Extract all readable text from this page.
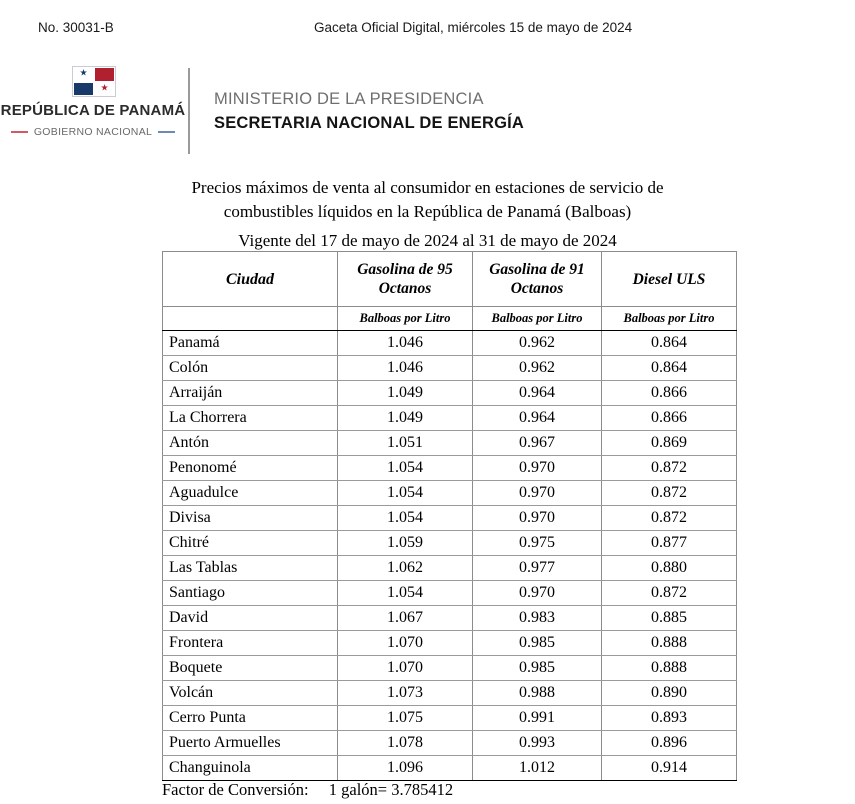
No. 30031-B	Gaceta Oficial Digital, miércoles 15 de mayo de 2024
★
★
REPÚBLICA DE PANAMÁ
GOBIERNO NACIONAL
MINISTERIO DE LA PRESIDENCIA
SECRETARIA NACIONAL DE ENERGÍA
Precios máximos de venta al consumidor en estaciones de servicio de
combustibles líquidos en la República de Panamá (Balboas)
Vigente del 17 de mayo de 2024 al 31 de mayo de 2024
Ciudad	Gasolina de 95 Octanos	Gasolina de 91 Octanos	Diesel ULS
	Balboas por Litro	Balboas por Litro	Balboas por Litro
Panamá	1.046	0.962	0.864
Colón	1.046	0.962	0.864
Arraiján	1.049	0.964	0.866
La Chorrera	1.049	0.964	0.866
Antón	1.051	0.967	0.869
Penonomé	1.054	0.970	0.872
Aguadulce	1.054	0.970	0.872
Divisa	1.054	0.970	0.872
Chitré	1.059	0.975	0.877
Las Tablas	1.062	0.977	0.880
Santiago	1.054	0.970	0.872
David	1.067	0.983	0.885
Frontera	1.070	0.985	0.888
Boquete	1.070	0.985	0.888
Volcán	1.073	0.988	0.890
Cerro Punta	1.075	0.991	0.893
Puerto Armuelles	1.078	0.993	0.896
Changuinola	1.096	1.012	0.914
Factor de Conversión: 1 galón= 3.785412
